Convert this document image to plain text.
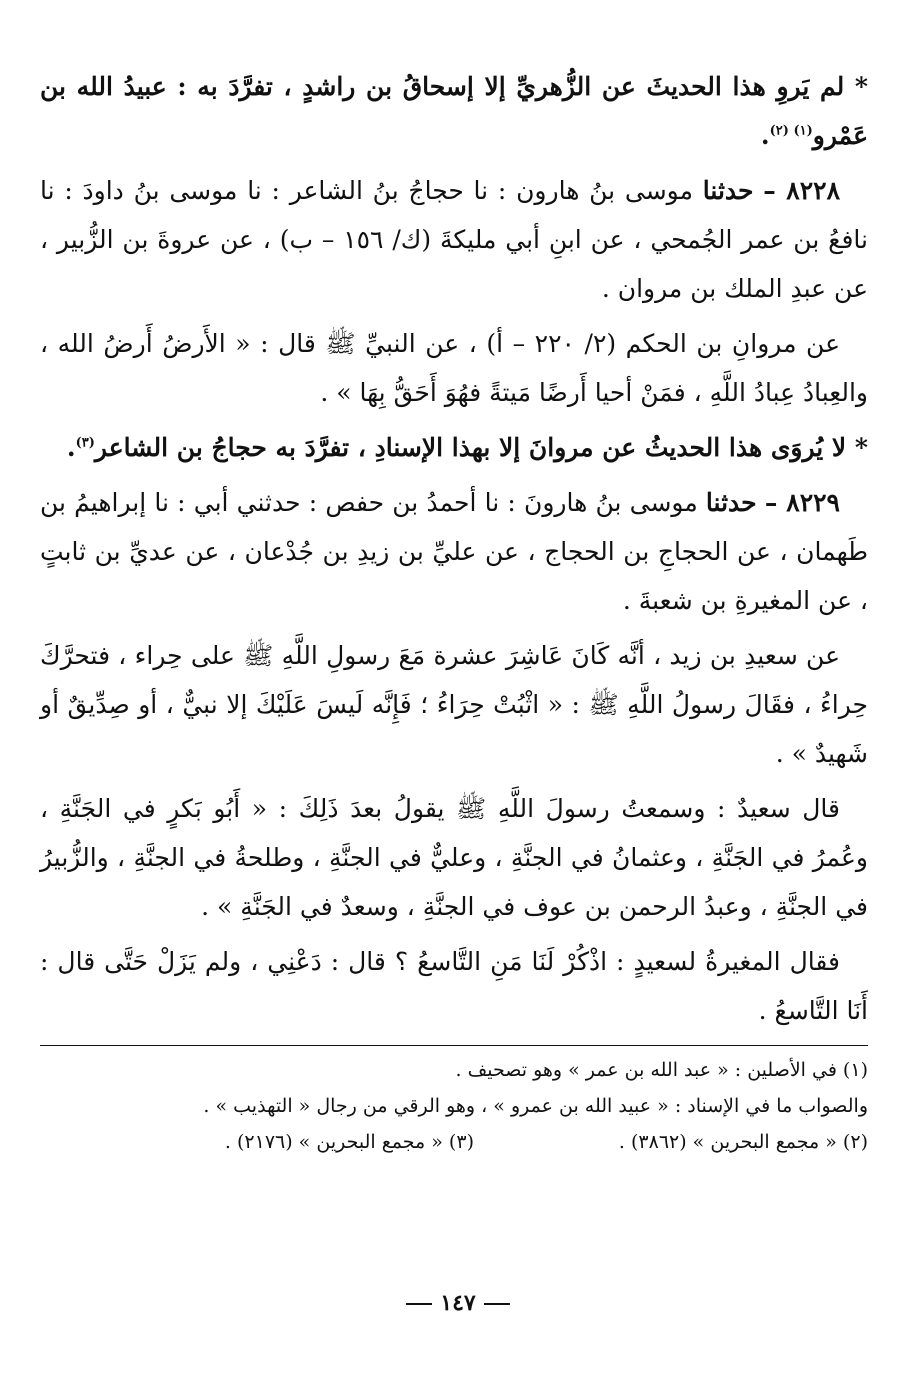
* لم يَروِ هذا الحديثَ عن الزُّهريِّ إلا إسحاقُ بن راشدٍ ، تفرَّدَ به : عبيدُ الله بن عَمْرو$^{(١) (٢)}$.

٨٢٢٨ – حدثنا موسى بنُ هارون : نا حجاجُ بنُ الشاعر : نا موسى بنُ داودَ : نا نافعُ بن عمر الجُمحي ، عن ابنِ أبي مليكةَ (ك/ ١٥٦ – ب) ، عن عروةَ بن الزُّبير ، عن عبدِ الملك بن مروان .

عن مروانِ بن الحكم (٢/ ٢٢٠ – أ) ، عن النبيِّ ﷺ قال : « الأَرضُ أَرضُ الله ، والعِبادُ عِبادُ اللَّهِ ، فمَنْ أحيا أَرضًا مَيتةً فهُوَ أَحَقُّ بِهَا » .

* لا يُروَى هذا الحديثُ عن مروانَ إلا بهذا الإسنادِ ، تفرَّدَ به حجاجُ بن الشاعر$^{(٣)}$.

٨٢٢٩ – حدثنا موسى بنُ هارونَ : نا أحمدُ بن حفص : حدثني أبي : نا إبراهيمُ بن طَهمان ، عن الحجاجِ بن الحجاج ، عن عليِّ بن زيدِ بن جُدْعان ، عن عديِّ بن ثابتٍ ، عن المغيرةِ بن شعبةَ .

عن سعيدِ بن زيد ، أنَّه كَانَ عَاشِرَ عشرة مَعَ رسولِ اللَّهِ ﷺ على حِراء ، فتحرَّكَ حِراءُ ، فقَالَ رسولُ اللَّهِ ﷺ : « اثْبُتْ حِرَاءُ ؛ فَإِنَّه لَيسَ عَلَيْكَ إلا نبيٌّ ، أو صِدِّيقٌ أو شَهيدٌ » .

قال سعيدٌ : وسمعتُ رسولَ اللَّهِ ﷺ يقولُ بعدَ ذَلِكَ : « أَبُو بَكرٍ في الجَنَّةِ ، وعُمرُ في الجَنَّةِ ، وعثمانُ في الجنَّةِ ، وعليٌّ في الجنَّةِ ، وطلحةُ في الجنَّةِ ، والزُّبيرُ في الجنَّةِ ، وعبدُ الرحمن بن عوف في الجنَّةِ ، وسعدٌ في الجَنَّةِ » .

فقال المغيرةُ لسعيدٍ : اذْكُرْ لَنَا مَنِ التَّاسعُ ؟ قال : دَعْنِي ، ولم يَزَلْ حَتَّى قال : أَنَا التَّاسعُ .

(١) في الأصلين : « عبد الله بن عمر » وهو تصحيف .

والصواب ما في الإسناد : « عبيد الله بن عمرو » ، وهو الرقي من رجال « التهذيب » .

(٢) « مجمع البحرين » (٣٨٦٢) .
(٣) « مجمع البحرين » (٢١٧٦) .
١٤٧
